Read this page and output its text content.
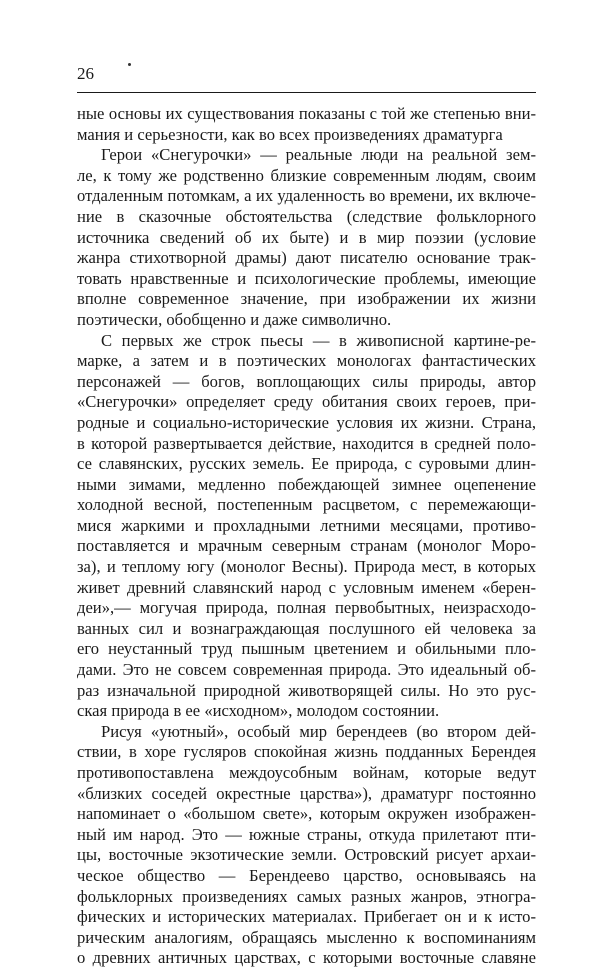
26
ные основы их существования показаны с той же степенью вни-
мания и серьезности, как во всех произведениях драматурга
Герои «Снегурочки» — реальные люди на реальной зем-
ле, к тому же родственно близкие современным людям, своим
отдаленным потомкам, а их удаленность во времени, их включе-
ние в сказочные обстоятельства (следствие фольклорного
источника сведений об их быте) и в мир поэзии (условие
жанра стихотворной драмы) дают писателю основание трак-
товать нравственные и психологические проблемы, имеющие
вполне современное значение, при изображении их жизни
поэтически, обобщенно и даже символично.
С первых же строк пьесы — в живописной картине-ре-
марке, а затем и в поэтических монологах фантастических
персонажей — богов, воплощающих силы природы, автор
«Снегурочки» определяет среду обитания своих героев, при-
родные и социально-исторические условия их жизни. Страна,
в которой развертывается действие, находится в средней поло-
се славянских, русских земель. Ее природа, с суровыми длин-
ными зимами, медленно побеждающей зимнее оцепенение
холодной весной, постепенным расцветом, с перемежающи-
мися жаркими и прохладными летними месяцами, противо-
поставляется и мрачным северным странам (монолог Моро-
за), и теплому югу (монолог Весны). Природа мест, в которых
живет древний славянский народ с условным именем «берен-
деи»,— могучая природа, полная первобытных, неизрасходо-
ванных сил и вознаграждающая послушного ей человека за
его неустанный труд пышным цветением и обильными пло-
дами. Это не совсем современная природа. Это идеальный об-
раз изначальной природной животворящей силы. Но это рус-
ская природа в ее «исходном», молодом состоянии.
Рисуя «уютный», особый мир берендеев (во втором дей-
ствии, в хоре гусляров спокойная жизнь подданных Берендея
противопоставлена междоусобным войнам, которые ведут
«близких соседей окрестные царства»), драматург постоянно
напоминает о «большом свете», которым окружен изображен-
ный им народ. Это — южные страны, откуда прилетают пти-
цы, восточные экзотические земли. Островский рисует архаи-
ческое общество — Берендеево царство, основываясь на
фольклорных произведениях самых разных жанров, этногра-
фических и исторических материалах. Прибегает он и к исто-
рическим аналогиям, обращаясь мысленно к воспоминаниям
о древних античных царствах, с которыми восточные славяне
